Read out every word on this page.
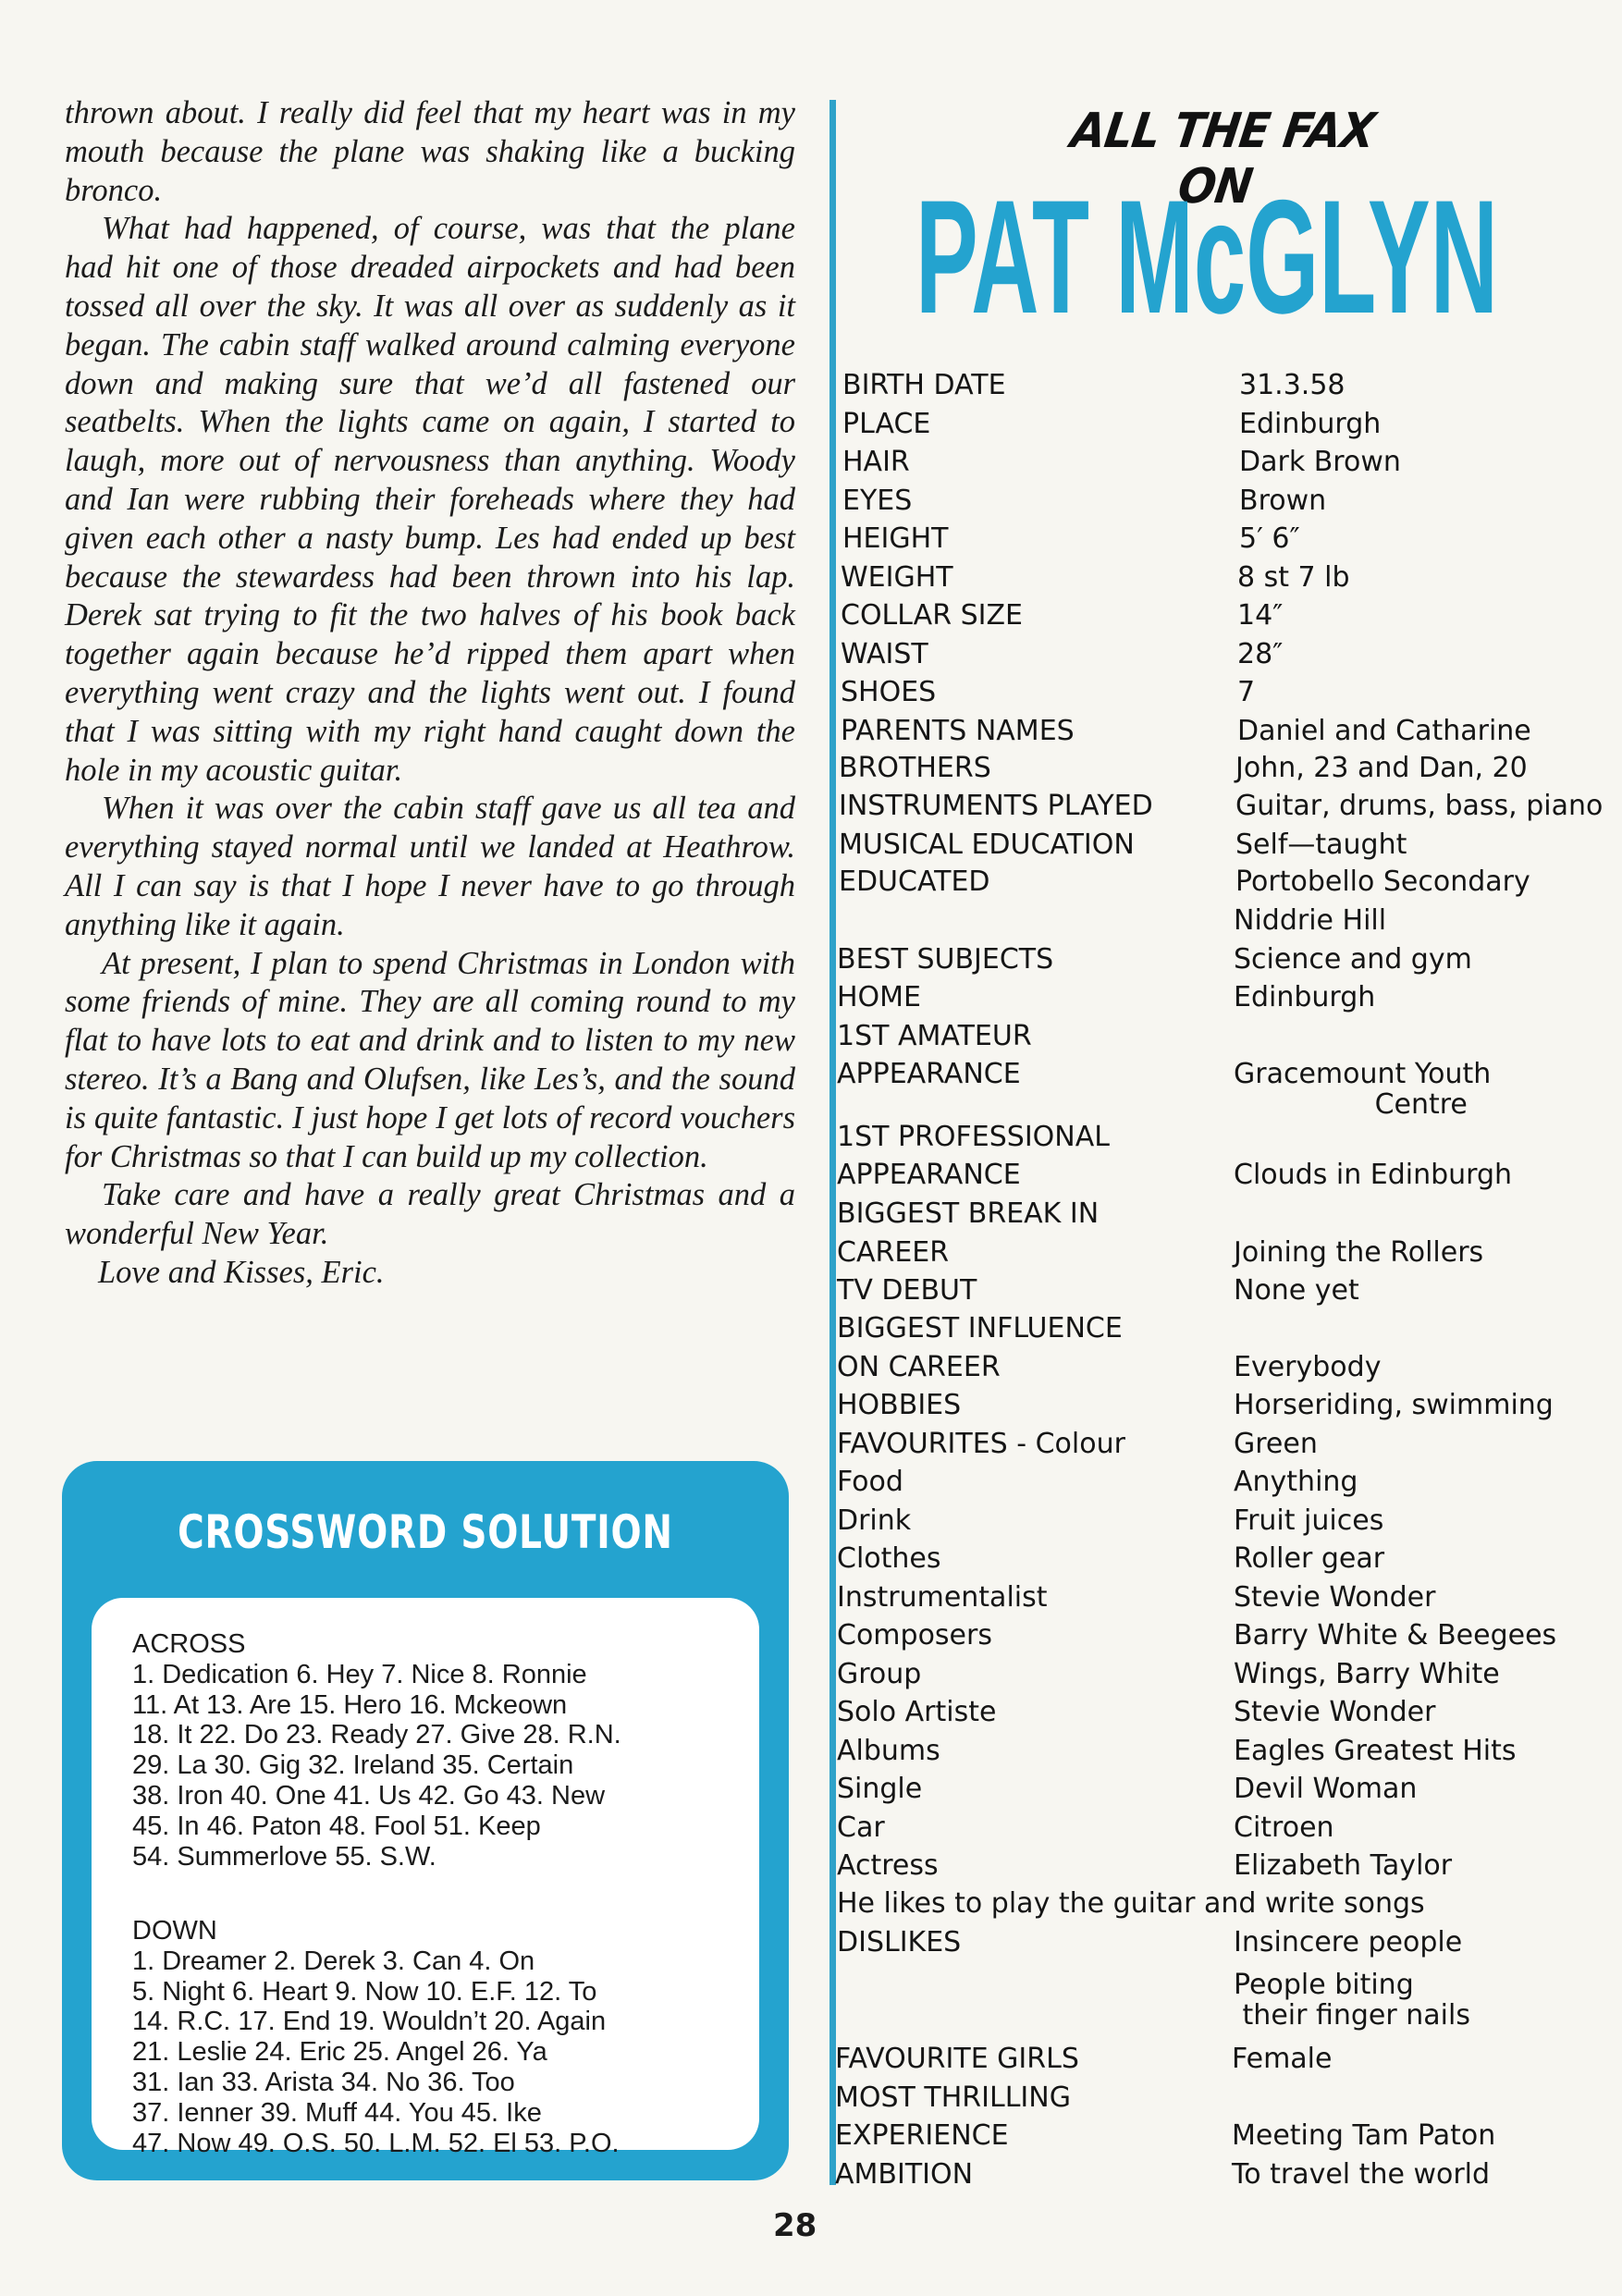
thrown about. I really did feel that my heart was in my mouth because the plane was shaking like a bucking bronco.

What had happened, of course, was that the plane had hit one of those dreaded airpockets and had been tossed all over the sky. It was all over as suddenly as it began. The cabin staff walked around calming everyone down and making sure that we’d all fastened our seatbelts. When the lights came on again, I started to laugh, more out of nervousness than anything. Woody and Ian were rubbing their foreheads where they had given each other a nasty bump. Les had ended up best because the stewardess had been thrown into his lap. Derek sat trying to fit the two halves of his book back together again because he’d ripped them apart when everything went crazy and the lights went out. I found that I was sitting with my right hand caught down the hole in my acoustic guitar.

When it was over the cabin staff gave us all tea and everything stayed normal until we landed at Heathrow. All I can say is that I hope I never have to go through anything like it again.

At present, I plan to spend Christmas in London with some friends of mine. They are all coming round to my flat to have lots to eat and drink and to listen to my new stereo. It’s a Bang and Olufsen, like Les’s, and the sound is quite fantastic. I just hope I get lots of record vouchers for Christmas so that I can build up my collection.

Take care and have a really great Christmas and a wonderful New Year.

Love and Kisses, Eric.

CROSSWORD SOLUTION
ACROSS
1. Dedication 6. Hey 7. Nice 8. Ronnie
11. At 13. Are 15. Hero 16. Mckeown
18. It 22. Do 23. Ready 27. Give 28. R.N.
29. La 30. Gig 32. Ireland 35. Certain
38. Iron 40. One 41. Us 42. Go 43. New
45. In 46. Paton 48. Fool 51. Keep
54. Summerlove 55. S.W.
DOWN
1. Dreamer 2. Derek 3. Can 4. On
5. Night 6. Heart 9. Now 10. E.F. 12. To
14. R.C. 17. End 19. Wouldn’t 20. Again
21. Leslie 24. Eric 25. Angel 26. Ya
31. Ian 33. Arista 34. No 36. Too
37. Ienner 39. Muff 44. You 45. Ike
47. Now 49. O.S. 50. L.M. 52. El 53. P.O.
ALL THE FAX ON
PAT McGLYN
BIRTH DATE	31.3.58
PLACE	Edinburgh
HAIR	Dark Brown
EYES	Brown
HEIGHT	5′ 6″
WEIGHT	8 st 7 lb
COLLAR SIZE	14″
WAIST	28″
SHOES	7
PARENTS NAMES	Daniel and Catharine
BROTHERS	John, 23 and Dan, 20
INSTRUMENTS PLAYED	Guitar, drums, bass, piano
MUSICAL EDUCATION	Self—taught
EDUCATED	Portobello Secondary
Niddrie Hill
BEST SUBJECTS	Science and gym
HOME	Edinburgh
1ST AMATEUR
APPEARANCE	Gracemount Youth
Centre
1ST PROFESSIONAL
APPEARANCE	Clouds in Edinburgh
BIGGEST BREAK IN
CAREER	Joining the Rollers
TV DEBUT	None yet
BIGGEST INFLUENCE
ON CAREER	Everybody
HOBBIES	Horseriding, swimming
FAVOURITES - Colour	Green
Food	Anything
Drink	Fruit juices
Clothes	Roller gear
Instrumentalist	Stevie Wonder
Composers	Barry White & Beegees
Group	Wings, Barry White
Solo Artiste	Stevie Wonder
Albums	Eagles Greatest Hits
Single	Devil Woman
Car	Citroen
Actress	Elizabeth Taylor
He likes to play the guitar and write songs
DISLIKES	Insincere people
People biting
their finger nails
FAVOURITE GIRLS	Female
MOST THRILLING
EXPERIENCE	Meeting Tam Paton
AMBITION	To travel the world
28
